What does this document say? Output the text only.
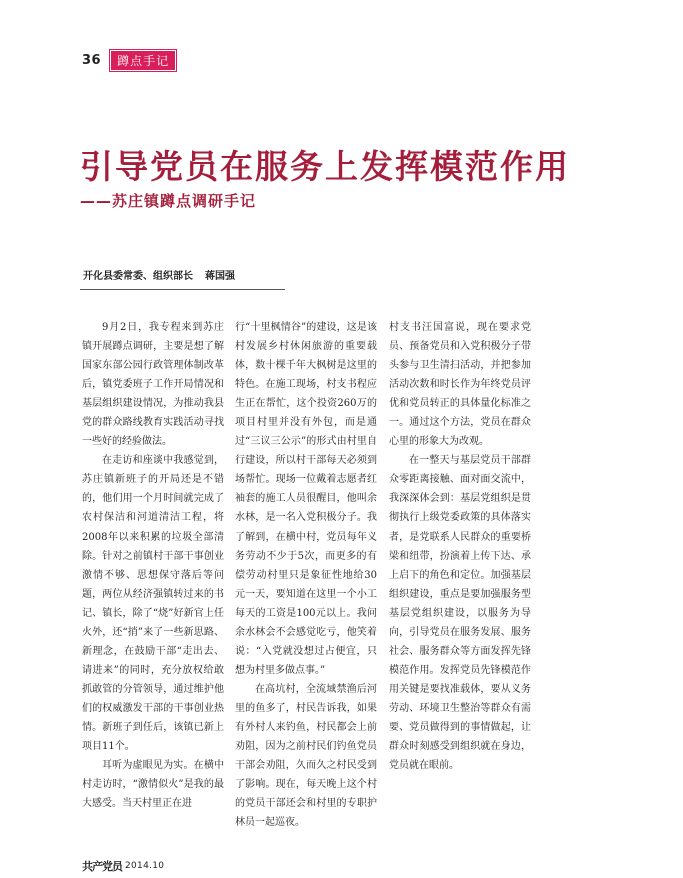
36	蹲点手记
引导党员在服务上发挥模范作用
——苏庄镇蹲点调研手记
开化县委常委、组织部长 蒋国强

9月2日，我专程来到苏庄镇开展蹲点调研，主要是想了解国家东部公园行政管理体制改革后，镇党委班子工作开局情况和基层组织建设情况，为推动我县党的群众路线教育实践活动寻找一些好的经验做法。

在走访和座谈中我感觉到，苏庄镇新班子的开局还是不错的，他们用一个月时间就完成了农村保洁和河道清洁工程，将2008年以来积累的垃圾全部清除。针对之前镇村干部干事创业激情不够、思想保守落后等问题，两位从经济强镇转过来的书记、镇长，除了“烧”好新官上任火外，还“捎”来了一些新思路、新理念，在鼓励干部“走出去、请进来”的同时，充分放权给敢抓敢管的分管领导，通过维护他们的权威激发干部的干事创业热情。新班子到任后，该镇已新上项目11个。

耳听为虚眼见为实。在横中村走访时，“激情似火”是我的最大感受。当天村里正在进

行“十里枫情谷”的建设，这是该村发展乡村休闲旅游的重要载体，数十棵千年大枫树是这里的特色。在施工现场，村支书程应生正在帮忙，这个投资260万的项目村里并没有外包，而是通过“三议三公示”的形式由村里自行建设，所以村干部每天必须到场帮忙。现场一位戴着志愿者红袖套的施工人员很醒目，他叫余水林，是一名入党积极分子。我了解到，在横中村，党员每年义务劳动不少于5次，而更多的有偿劳动村里只是象征性地给30元一天，要知道在这里一个小工每天的工资是100元以上。我问余水林会不会感觉吃亏，他笑着说：“入党就没想过占便宜，只想为村里多做点事。”

在高坑村，全流域禁渔后河里的鱼多了，村民告诉我，如果有外村人来钓鱼，村民都会上前劝阻，因为之前村民们钓鱼党员干部会劝阻，久而久之村民受到了影响。现在，每天晚上这个村的党员干部还会和村里的专职护林员一起巡夜。

村支书汪国富说，现在要求党员、预备党员和入党积极分子带头参与卫生清扫活动，并把参加活动次数和时长作为年终党员评优和党员转正的具体量化标准之一。通过这个方法，党员在群众心里的形象大为改观。

在一整天与基层党员干部群众零距离接触、面对面交流中，我深深体会到：基层党组织是贯彻执行上级党委政策的具体落实者，是党联系人民群众的重要桥梁和纽带，扮演着上传下达、承上启下的角色和定位。加强基层组织建设，重点是要加强服务型基层党组织建设，以服务为导向，引导党员在服务发展、服务社会、服务群众等方面发挥先锋模范作用。发挥党员先锋模范作用关键是要找准载体，要从义务劳动、环境卫生整治等群众有需要、党员做得到的事情做起，让群众时刻感受到组织就在身边，党员就在眼前。

共产党员 2014.10
